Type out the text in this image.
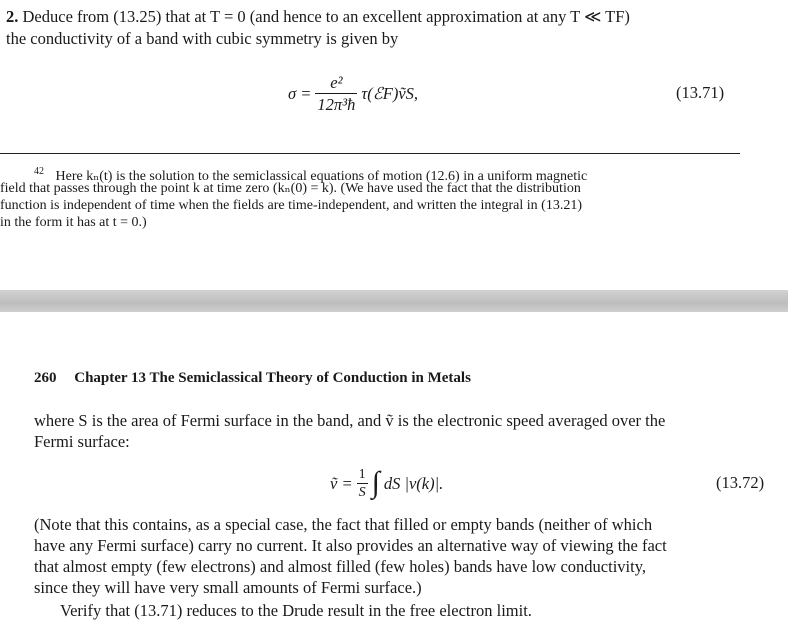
2. Deduce from (13.25) that at T = 0 (and hence to an excellent approximation at any T ≪ TF)
the conductivity of a band with cubic symmetry is given by
$\sigma = \frac{\text{e²}}{\text{12π³ħ}}$ τ(ℰF)ṽS,	(13.71)
$^{42}$ Here kₙ(t) is the solution to the semiclassical equations of motion (12.6) in a uniform magnetic
field that passes through the point k at time zero (kₙ(0) = k). (We have used the fact that the distribution
function is independent of time when the fields are time-independent, and written the integral in (13.21)
in the form it has at t = 0.)
260 Chapter 13 The Semiclassical Theory of Conduction in Metals
where S is the area of Fermi surface in the band, and ṽ is the electronic speed averaged over the
Fermi surface:
ṽ = $\frac{1}{S}$ ∫ dS |v(k)|.	(13.72)
(Note that this contains, as a special case, the fact that filled or empty bands (neither of which
have any Fermi surface) carry no current. It also provides an alternative way of viewing the fact
that almost empty (few electrons) and almost filled (few holes) bands have low conductivity,
since they will have very small amounts of Fermi surface.)
Verify that (13.71) reduces to the Drude result in the free electron limit.
